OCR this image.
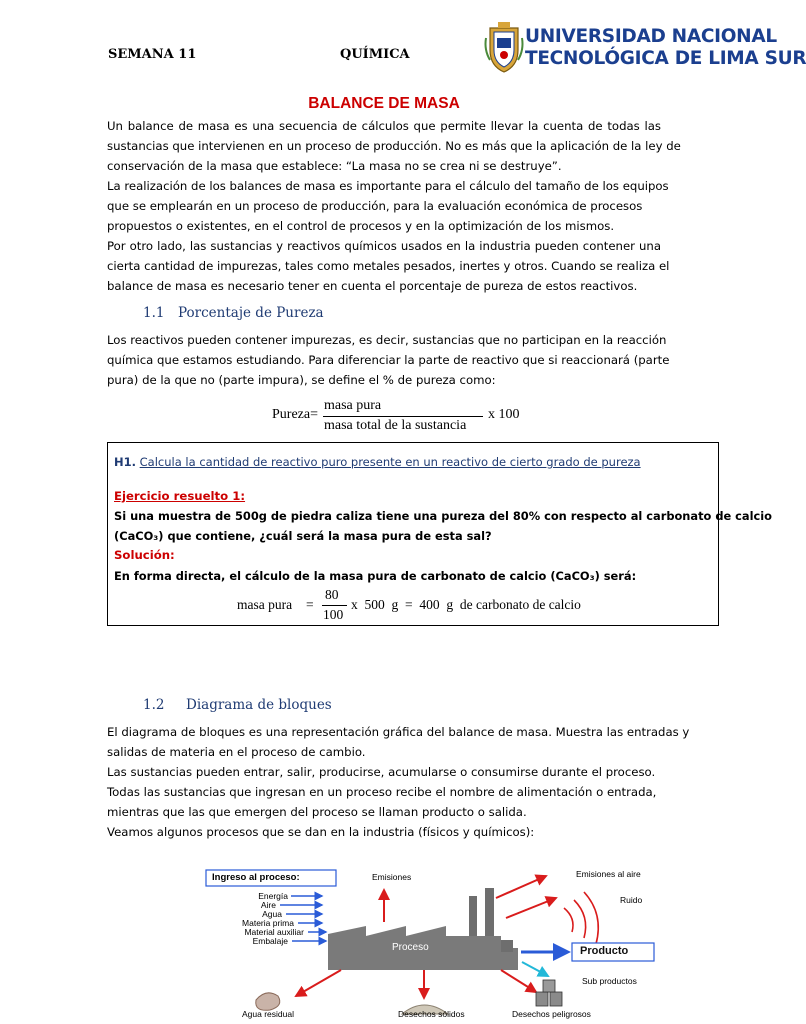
SEMANA 11	QUÍMICA
UNIVERSIDAD NACIONAL
TECNOLÓGICA DE LIMA SUR
BALANCE DE MASA
Un balance de masa es una secuencia de cálculos que permite llevar la cuenta de todas las
sustancias que intervienen en un proceso de producción. No es más que la aplicación de la ley de
conservación de la masa que establece: “La masa no se crea ni se destruye”.
La realización de los balances de masa es importante para el cálculo del tamaño de los equipos
que se emplearán en un proceso de producción, para la evaluación económica de procesos
propuestos o existentes, en el control de procesos y en la optimización de los mismos.
Por otro lado, las sustancias y reactivos químicos usados en la industria pueden contener una
cierta cantidad de impurezas, tales como metales pesados, inertes y otros. Cuando se realiza el
balance de masa es necesario tener en cuenta el porcentaje de pureza de estos reactivos.
1.1 Porcentaje de Pureza
Los reactivos pueden contener impurezas, es decir, sustancias que no participan en la reacción
química que estamos estudiando. Para diferenciar la parte de reactivo que si reaccionará (parte
pura) de la que no (parte impura), se define el % de pureza como:
Pureza=
masa pura
masa total de la sustancia
x 100
H1. Calcula la cantidad de reactivo puro presente en un reactivo de cierto grado de pureza
Ejercicio resuelto 1:
Si una muestra de 500g de piedra caliza tiene una pureza del 80% con respecto al carbonato de calcio
(CaCO₃) que contiene, ¿cuál será la masa pura de esta sal?
Solución:
En forma directa, el cálculo de la masa pura de carbonato de calcio (CaCO₃) será:
masa pura =
80
100
x  500  g  =  400  g  de carbonato de calcio
1.2 Diagrama de bloques
El diagrama de bloques es una representación gráfica del balance de masa. Muestra las entradas y
salidas de materia en el proceso de cambio.
Las sustancias pueden entrar, salir, producirse, acumularse o consumirse durante el proceso.
Todas las sustancias que ingresan en un proceso recibe el nombre de alimentación o entrada,
mientras que las que emergen del proceso se llaman producto o salida.
Veamos algunos procesos que se dan en la industria (físicos y químicos):
Ingreso al proceso:
Energía
Aire
Agua
Materia prima
Material auxiliar
Embalaje
Proceso
Emisiones	Emisiones al aire
Ruido
Producto
Sub productos
Agua residual	Desechos sólidos	Desechos peligrosos
